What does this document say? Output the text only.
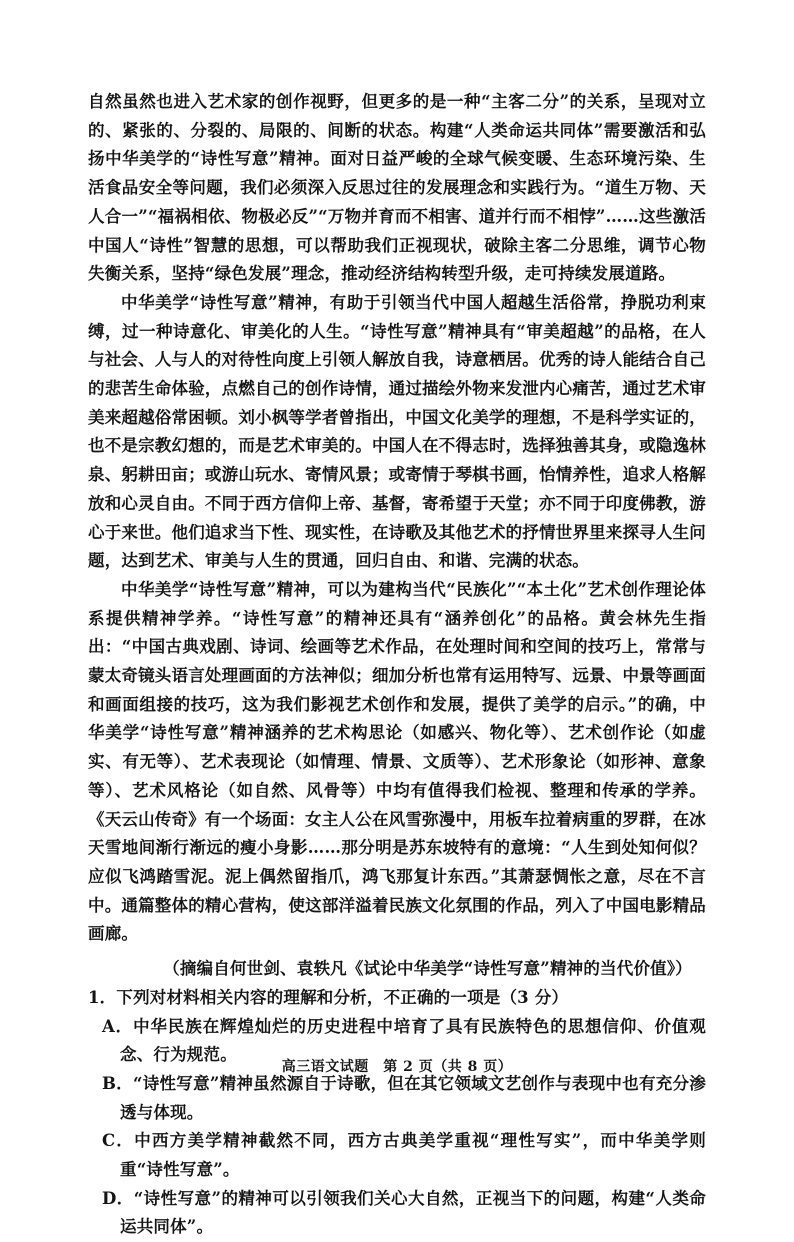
自然虽然也进入艺术家的创作视野，但更多的是一种“主客二分”的关系，呈现对立的、紧张的、分裂的、局限的、间断的状态。构建“人类命运共同体”需要激活和弘扬中华美学的“诗性写意”精神。面对日益严峻的全球气候变暖、生态环境污染、生活食品安全等问题，我们必须深入反思过往的发展理念和实践行为。“道生万物、天人合一”“福祸相依、物极必反”“万物并育而不相害、道并行而不相悖”……这些激活中国人“诗性”智慧的思想，可以帮助我们正视现状，破除主客二分思维，调节心物失衡关系，坚持“绿色发展”理念，推动经济结构转型升级，走可持续发展道路。

中华美学“诗性写意”精神，有助于引领当代中国人超越生活俗常，挣脱功利束缚，过一种诗意化、审美化的人生。“诗性写意”精神具有“审美超越”的品格，在人与社会、人与人的对待性向度上引领人解放自我，诗意栖居。优秀的诗人能结合自己的悲苦生命体验，点燃自己的创作诗情，通过描绘外物来发泄内心痛苦，通过艺术审美来超越俗常困顿。刘小枫等学者曾指出，中国文化美学的理想，不是科学实证的，也不是宗教幻想的，而是艺术审美的。中国人在不得志时，选择独善其身，或隐逸林泉、躬耕田亩；或游山玩水、寄情风景；或寄情于琴棋书画，怡情养性，追求人格解放和心灵自由。不同于西方信仰上帝、基督，寄希望于天堂；亦不同于印度佛教，游心于来世。他们追求当下性、现实性，在诗歌及其他艺术的抒情世界里来探寻人生问题，达到艺术、审美与人生的贯通，回归自由、和谐、完满的状态。

中华美学“诗性写意”精神，可以为建构当代“民族化”“本土化”艺术创作理论体系提供精神学养。“诗性写意”的精神还具有“涵养创化”的品格。黄会林先生指出：“中国古典戏剧、诗词、绘画等艺术作品，在处理时间和空间的技巧上，常常与蒙太奇镜头语言处理画面的方法神似；细加分析也常有运用特写、远景、中景等画面和画面组接的技巧，这为我们影视艺术创作和发展，提供了美学的启示。”的确，中华美学“诗性写意”精神涵养的艺术构思论（如感兴、物化等）、艺术创作论（如虚实、有无等）、艺术表现论（如情理、情景、文质等）、艺术形象论（如形神、意象等）、艺术风格论（如自然、风骨等）中均有值得我们检视、整理和传承的学养。《天云山传奇》有一个场面：女主人公在风雪弥漫中，用板车拉着病重的罗群，在冰天雪地间渐行渐远的瘦小身影……那分明是苏东坡特有的意境：“人生到处知何似？应似飞鸿踏雪泥。泥上偶然留指爪，鸿飞那复计东西。”其萧瑟惆怅之意，尽在不言中。通篇整体的精心营构，使这部洋溢着民族文化氛围的作品，列入了中国电影精品画廊。

（摘编自何世剑、袁轶凡《试论中华美学“诗性写意”精神的当代价值》）

1．下列对材料相关内容的理解和分析，不正确的一项是（3 分）

A．中华民族在辉煌灿烂的历史进程中培育了具有民族特色的思想信仰、价值观念、行为规范。

B．“诗性写意”精神虽然源自于诗歌，但在其它领域文艺创作与表现中也有充分渗透与体现。

C．中西方美学精神截然不同，西方古典美学重视“理性写实”，而中华美学则重“诗性写意”。

D．“诗性写意”的精神可以引领我们关心大自然，正视当下的问题，构建“人类命运共同体”。

高三语文试题　第 2 页（共 8 页）
